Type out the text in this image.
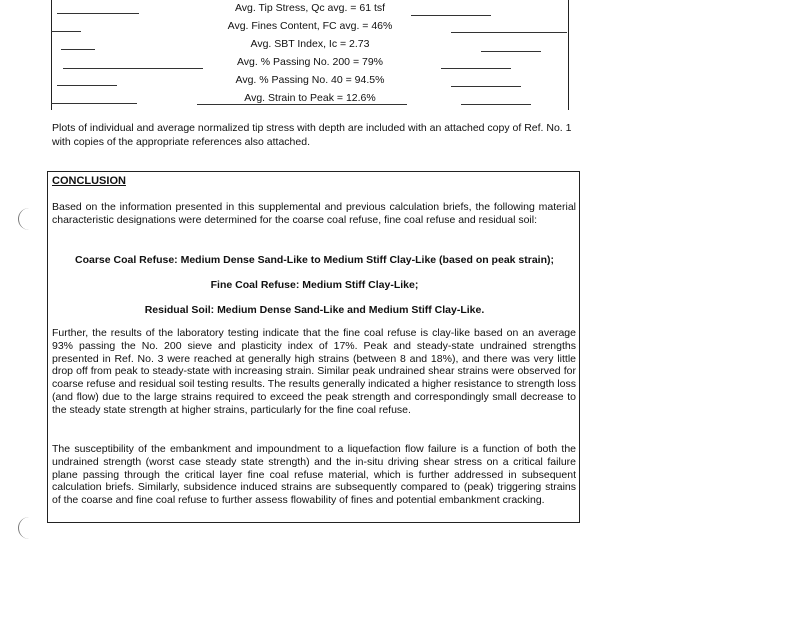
Avg. Tip Stress, Qc avg. = 61 tsf
Avg. Fines Content, FC avg. = 46%
Avg. SBT Index, Ic = 2.73
Avg. % Passing No. 200 = 79%
Avg. % Passing No. 40 = 94.5%
Avg. Strain to Peak = 12.6%
Plots of individual and average normalized tip stress with depth are included with an attached copy of Ref. No. 1 with copies of the appropriate references also attached.
CONCLUSION
Based on the information presented in this supplemental and previous calculation briefs, the following material characteristic designations were determined for the coarse coal refuse, fine coal refuse and residual soil:
Coarse Coal Refuse: Medium Dense Sand-Like to Medium Stiff Clay-Like (based on peak strain);
Fine Coal Refuse: Medium Stiff Clay-Like;
Residual Soil: Medium Dense Sand-Like and Medium Stiff Clay-Like.
Further, the results of the laboratory testing indicate that the fine coal refuse is clay-like based on an average 93% passing the No. 200 sieve and plasticity index of 17%. Peak and steady-state undrained strengths presented in Ref. No. 3 were reached at generally high strains (between 8 and 18%), and there was very little drop off from peak to steady-state with increasing strain. Similar peak undrained shear strains were observed for coarse refuse and residual soil testing results. The results generally indicated a higher resistance to strength loss (and flow) due to the large strains required to exceed the peak strength and correspondingly small decrease to the steady state strength at higher strains, particularly for the fine coal refuse.
The susceptibility of the embankment and impoundment to a liquefaction flow failure is a function of both the undrained strength (worst case steady state strength) and the in-situ driving shear stress on a critical failure plane passing through the critical layer fine coal refuse material, which is further addressed in subsequent calculation briefs. Similarly, subsidence induced strains are subsequently compared to (peak) triggering strains of the coarse and fine coal refuse to further assess flowability of fines and potential embankment cracking.
